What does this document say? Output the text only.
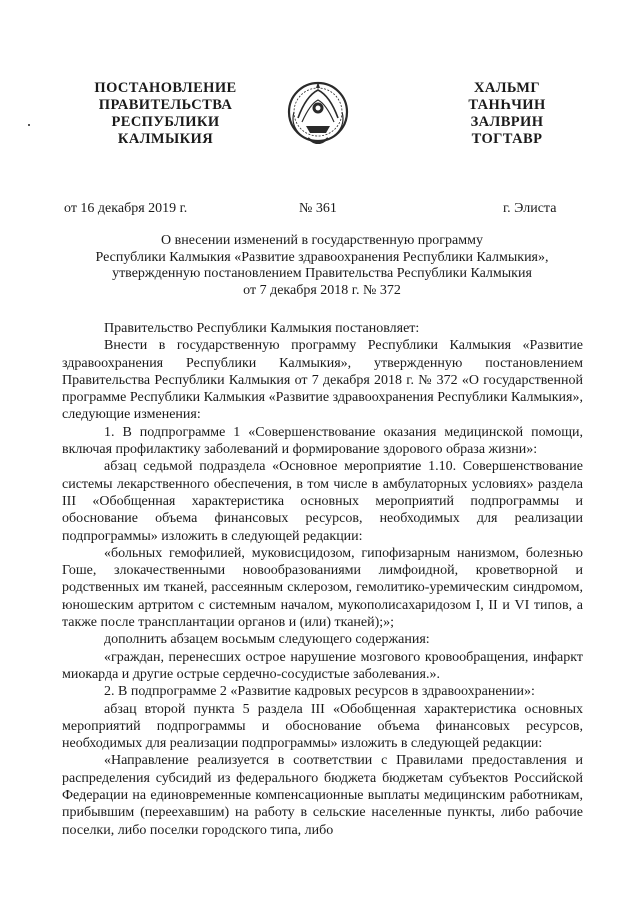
ПОСТАНОВЛЕНИЕ
ПРАВИТЕЛЬСТВА
РЕСПУБЛИКИ
КАЛМЫКИЯ
ХАЛЬМГ
ТАНҺЧИН
ЗАЛВРИН
ТОГТАВР
от 16 декабря 2019 г.	№ 361	г. Элиста
О внесении изменений в государственную программу
Республики Калмыкия «Развитие здравоохранения Республики Калмыкия»,
утвержденную постановлением Правительства Республики Калмыкия
от 7 декабря 2018 г. № 372

Правительство Республики Калмыкия постановляет:

Внести в государственную программу Республики Калмыкия «Развитие здравоохранения Республики Калмыкия», утвержденную постановлением Правительства Республики Калмыкия от 7 декабря 2018 г. № 372 «О государственной программе Республики Калмыкия «Развитие здравоохранения Республики Калмыкия», следующие изменения:

1. В подпрограмме 1 «Совершенствование оказания медицинской помощи, включая профилактику заболеваний и формирование здорового образа жизни»:

абзац седьмой подраздела «Основное мероприятие 1.10. Совершенствование системы лекарственного обеспечения, в том числе в амбулаторных условиях» раздела III «Обобщенная характеристика основных мероприятий подпрограммы и обоснование объема финансовых ресурсов, необходимых для реализации подпрограммы» изложить в следующей редакции:

«больных гемофилией, муковисцидозом, гипофизарным нанизмом, болезнью Гоше, злокачественными новообразованиями лимфоидной, кроветворной и родственных им тканей, рассеянным склерозом, гемолитико-уремическим синдромом, юношеским артритом с системным началом, мукополисахаридозом I, II и VI типов, а также после трансплантации органов и (или) тканей);»;

дополнить абзацем восьмым следующего содержания:

«граждан, перенесших острое нарушение мозгового кровообращения, инфаркт миокарда и другие острые сердечно-сосудистые заболевания.».

2. В подпрограмме 2 «Развитие кадровых ресурсов в здравоохранении»:

абзац второй пункта 5 раздела III «Обобщенная характеристика основных мероприятий подпрограммы и обоснование объема финансовых ресурсов, необходимых для реализации подпрограммы» изложить в следующей редакции:

«Направление реализуется в соответствии с Правилами предоставления и распределения субсидий из федерального бюджета бюджетам субъектов Российской Федерации на единовременные компенсационные выплаты медицинским работникам, прибывшим (переехавшим) на работу в сельские населенные пункты, либо рабочие поселки, либо поселки городского типа, либо
